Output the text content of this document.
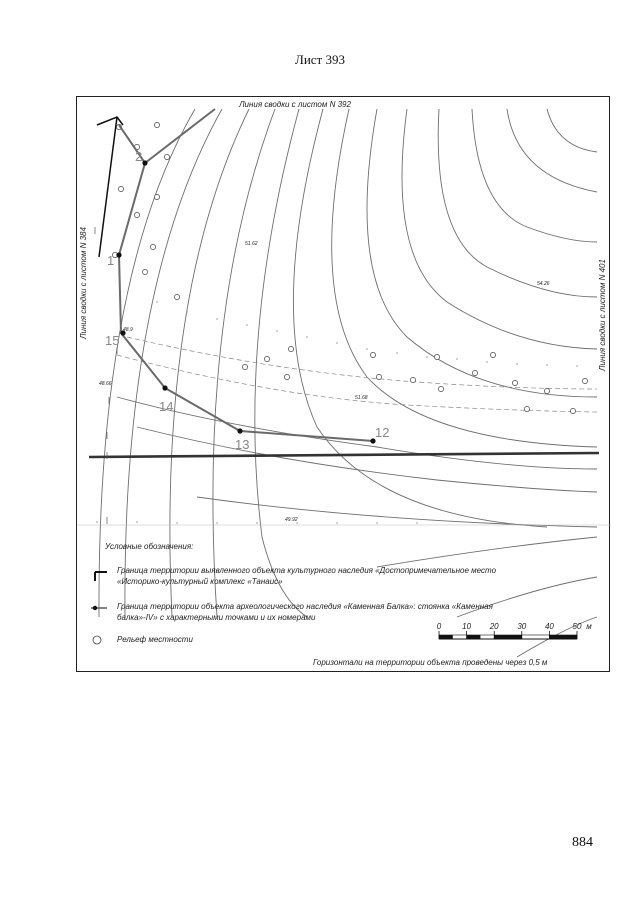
Лист 393
Линия сводки с листом N 392
Линия сводки с листом N 384	Линия сводки с листом N 401
1
2
12
13
14
15
51.62
54.26
48.9
48.66
51.68
49.92
0	10 20 30 40 50 м
Условные обозначения:
Граница территории выявленного объекта культурного наследия «Достопримечательное место
«Историко-культурный комплекс «Танаис»
Граница территории объекта археологического наследия «Каменная Балка»: стоянка «Каменная
балка»-IV» с характерными точками и их номерами
Рельеф местности
Горизонтали на территории объекта проведены через 0,5 м
884
